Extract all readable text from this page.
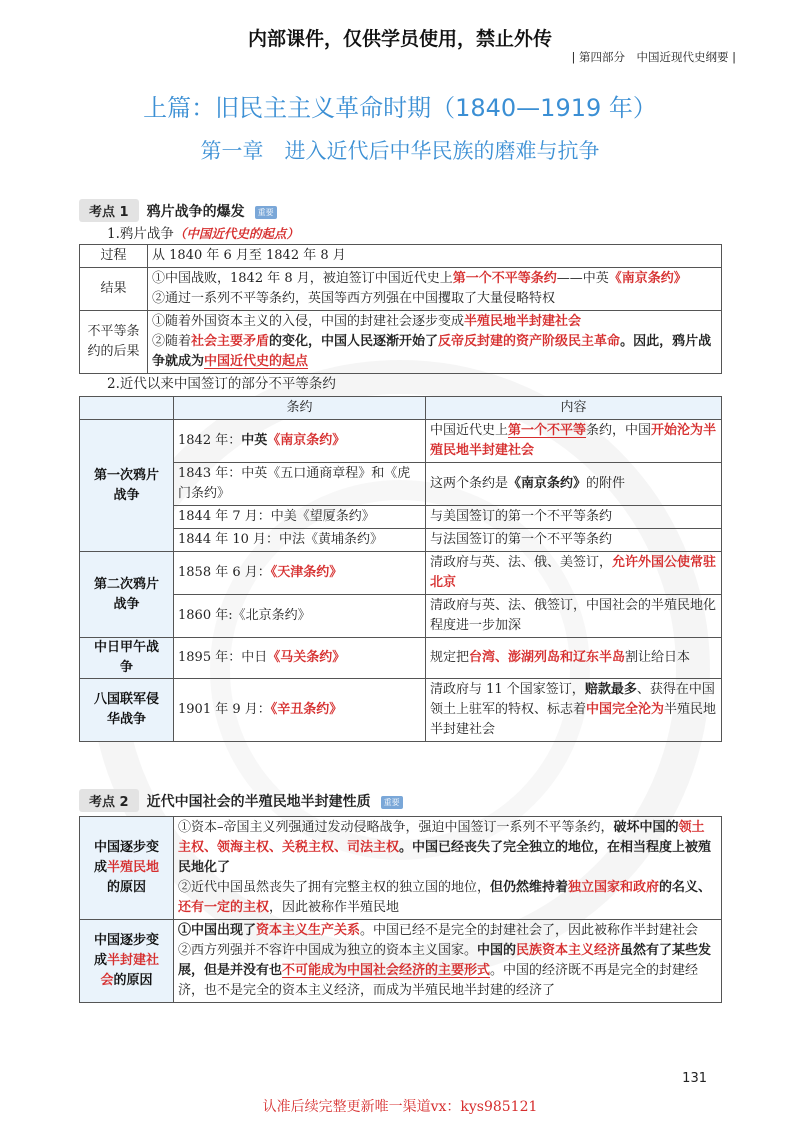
内部课件，仅供学员使用，禁止外传
| 第四部分　中国近现代史纲要 |
上篇：旧民主主义革命时期（1840—1919 年）
第一章　进入近代后中华民族的磨难与抗争
考点 1	鸦片战争的爆发	重要
1.鸦片战争（中国近代史的起点）
过程	从 1840 年 6 月至 1842 年 8 月
结果	①中国战败，1842 年 8 月，被迫签订中国近代史上第一个不平等条约——中英《南京条约》
②通过一系列不平等条约，英国等西方列强在中国攫取了大量侵略特权

不平等条约的后果	①随着外国资本主义的入侵，中国的封建社会逐步变成半殖民地半封建社会
②随着社会主要矛盾的变化，中国人民逐渐开始了反帝反封建的资产阶级民主革命。因此，鸦片战争就成为中国近代史的起点
2.近代以来中国签订的部分不平等条约
	条约	内容
第一次鸦片战争	1842 年：中英《南京条约》	中国近代史上第一个不平等条约，中国开始沦为半殖民地半封建社会
	1843 年：中英《五口通商章程》和《虎门条约》	这两个条约是《南京条约》的附件
	1844 年 7 月：中美《望厦条约》	与美国签订的第一个不平等条约
	1844 年 10 月：中法《黄埔条约》	与法国签订的第一个不平等条约
第二次鸦片战争	1858 年 6 月：《天津条约》	清政府与英、法、俄、美签订，允许外国公使常驻北京
	1860 年:《北京条约》	清政府与英、法、俄签订，中国社会的半殖民地化程度进一步加深
中日甲午战争	1895 年：中日《马关条约》	规定把台湾、澎湖列岛和辽东半岛割让给日本
八国联军侵华战争	1901 年 9 月：《辛丑条约》	清政府与 11 个国家签订，赔款最多、获得在中国领土上驻军的特权、标志着中国完全沦为半殖民地半封建社会
考点 2	近代中国社会的半殖民地半封建性质	重要
中国逐步变成半殖民地的原因	①资本–帝国主义列强通过发动侵略战争，强迫中国签订一系列不平等条约，破坏中国的领土主权、领海主权、关税主权、司法主权。中国已经丧失了完全独立的地位，在相当程度上被殖民地化了
②近代中国虽然丧失了拥有完整主权的独立国的地位，但仍然维持着独立国家和政府的名义、还有一定的主权，因此被称作半殖民地

中国逐步变成半封建社会的原因	①中国出现了资本主义生产关系。中国已经不是完全的封建社会了，因此被称作半封建社会
②西方列强并不容许中国成为独立的资本主义国家。中国的民族资本主义经济虽然有了某些发展，但是并没有也不可能成为中国社会经济的主要形式。中国的经济既不再是完全的封建经济，也不是完全的资本主义经济，而成为半殖民地半封建的经济了
131
认准后续完整更新唯一渠道vx：kys985121
